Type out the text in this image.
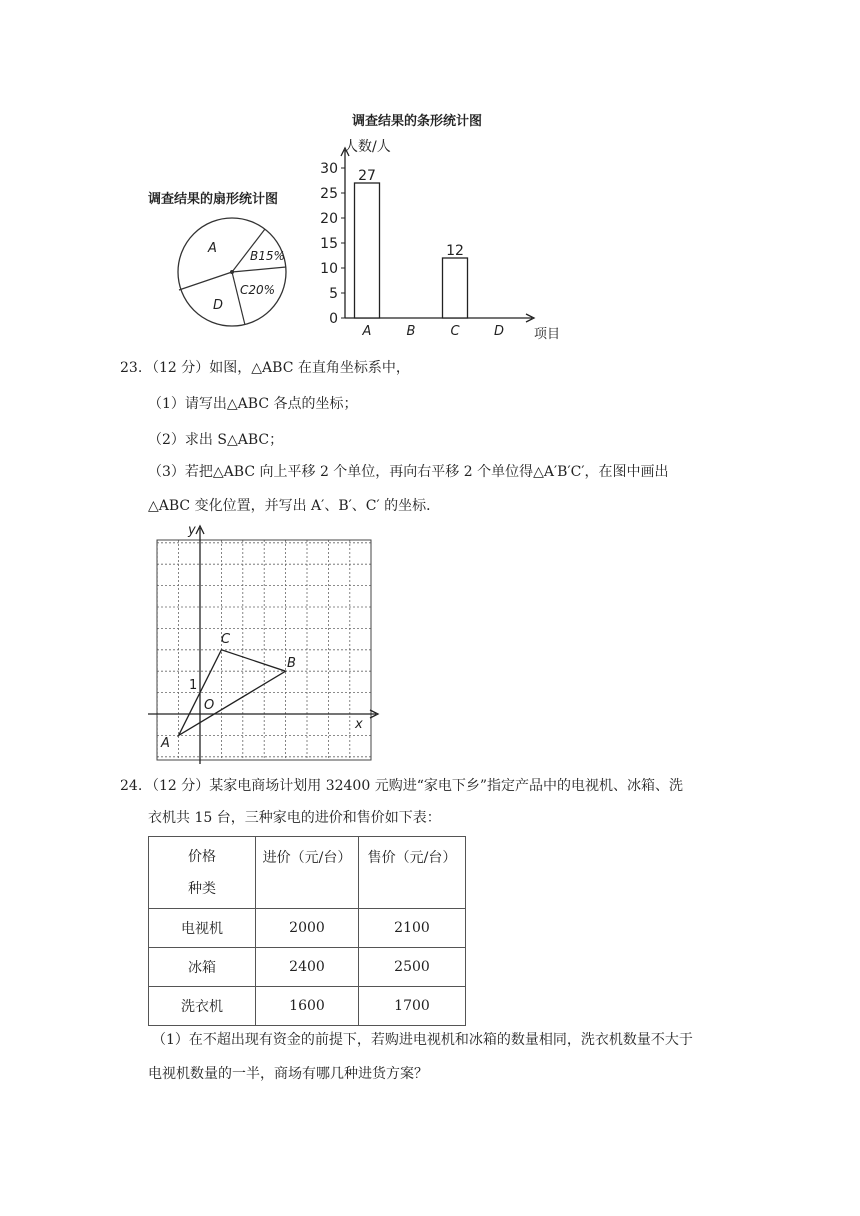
调查结果的扇形统计图
A	B15%
C20%
D
调查结果的条形统计图
人数/人
项目
0
5
10
15
20
25
30 27
A	B
12
C	D
23. （12 分）如图，△ABC 在直角坐标系中，
（1）请写出△ABC 各点的坐标；
（2）求出 S△ABC；
（3）若把△ABC 向上平移 2 个单位，再向右平移 2 个单位得△A′B′C′，在图中画出
△ABC 变化位置，并写出 A′、B′、C′ 的坐标．
x
y
O
1
A
B
C
24. （12 分）某家电商场计划用 32400 元购进“家电下乡”指定产品中的电视机、冰箱、洗
衣机共 15 台，三种家电的进价和售价如下表：
价格
种类	进价（元/台）	售价（元/台）
电视机	2000	2100
冰箱	2400	2500
洗衣机	1600	1700
（1）在不超出现有资金的前提下，若购进电视机和冰箱的数量相同，洗衣机数量不大于
电视机数量的一半，商场有哪几种进货方案？
